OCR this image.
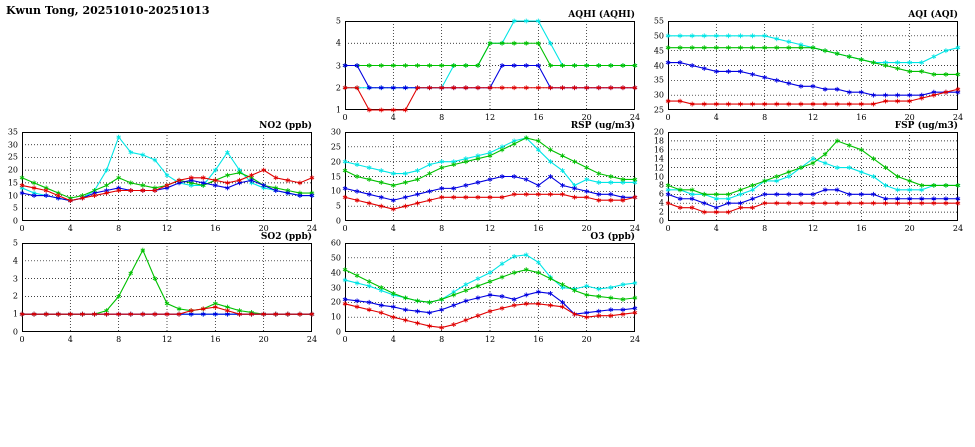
Kwun Tong, 20251010-20251013	AQHI (AQHI)	AQI (AQI)
NO2 (ppb)	RSP (ug/m3)	FSP (ug/m3)
SO2 (ppb)	O3 (ppb)
0	4	8	12	16	20	24
1
2
3
4
5
0	4	8	12	16	20	24
25
30
35
40
45
50
55
0	4	8	12	16	20	24
0
5
10
15
20
25
30
35
0	4	8	12	16	20	24
0
5
10
15
20
25
30
0	4	8	12	16	20	24
0
2
4
6
8
10
12
14
16
18
20
0	4	8	12	16	20	24
0
1
2
3
4
5
0	4	8	12	16	20	24
0
10
20
30
40
50
60
